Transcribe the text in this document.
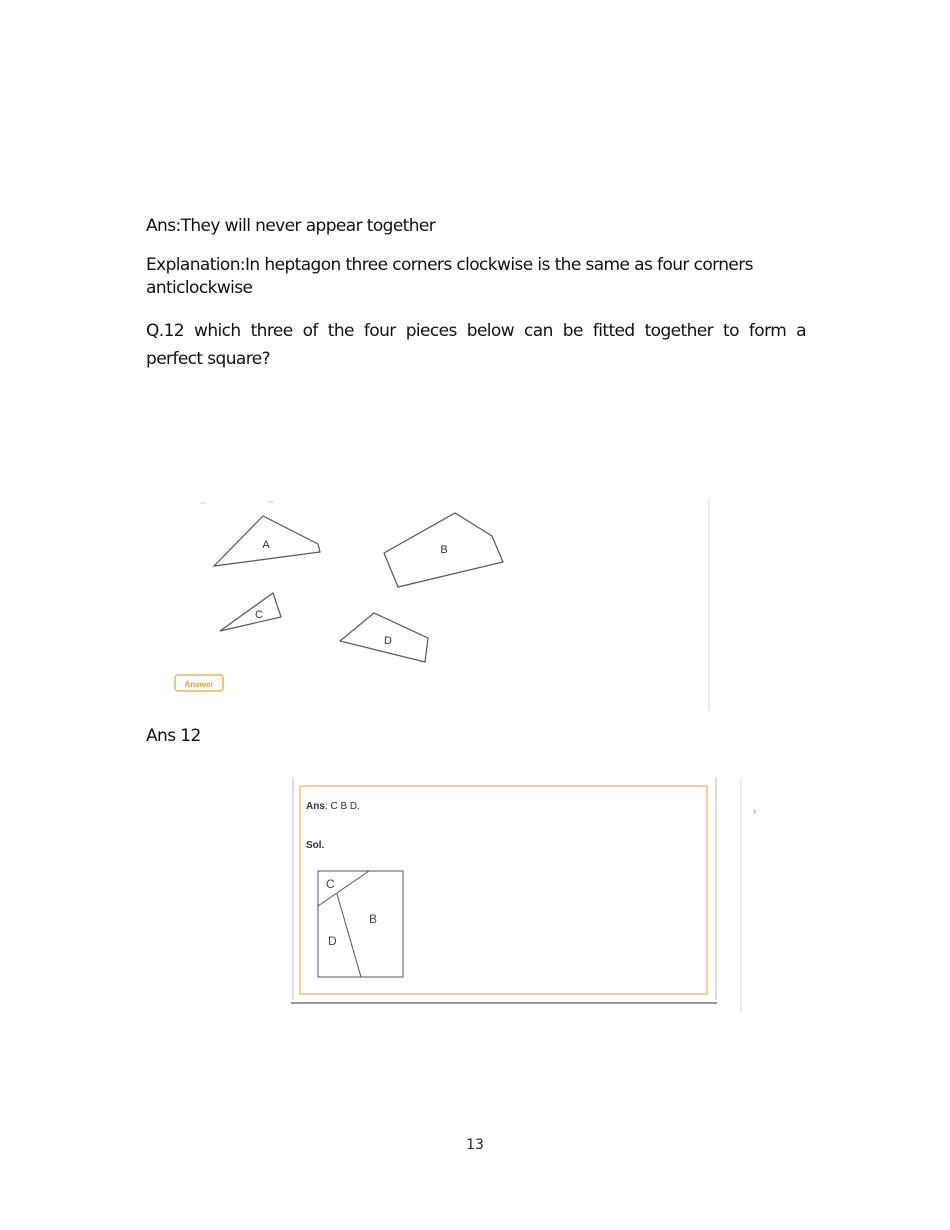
Ans:They will never appear together
Explanation:In heptagon three corners clockwise is the same as four corners anticlockwise
Q.12 which three of the four pieces below can be fitted together to form a
perfect square?
A	B
C
D
Answer
Ans 12
›
Ans: C B D.
Sol.
C
B
D
13
